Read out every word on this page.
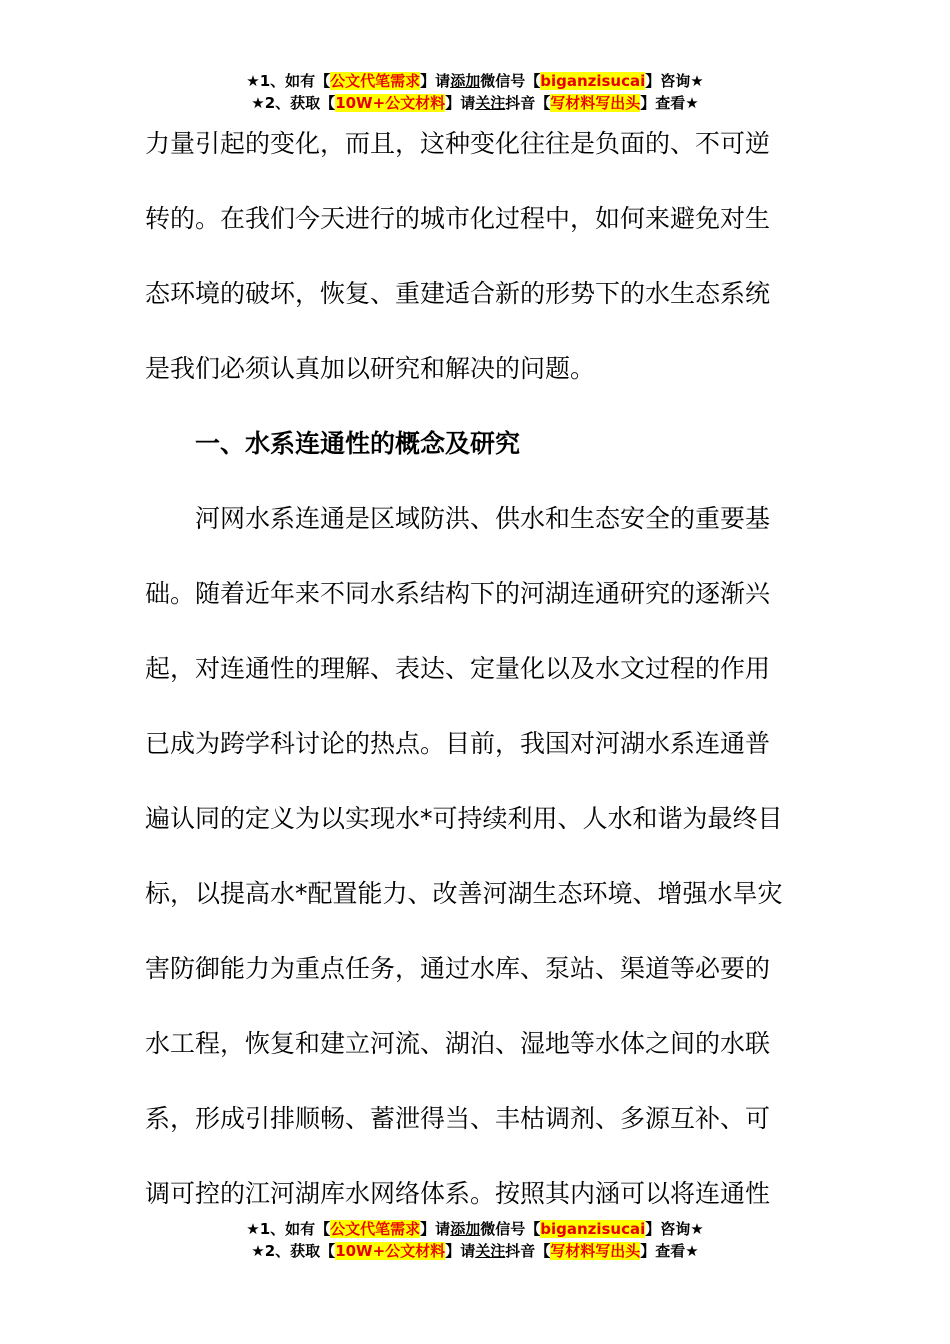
★1、如有【公文代笔需求】请添加微信号【biganzisucai】咨询★
★2、获取【10W+公文材料】请关注抖音【写材料写出头】查看★
力量引起的变化，而且，这种变化往往是负面的、不可逆
转的。在我们今天进行的城市化过程中，如何来避免对生
态环境的破坏，恢复、重建适合新的形势下的水生态系统
是我们必须认真加以研究和解决的问题。
一、水系连通性的概念及研究
河网水系连通是区域防洪、供水和生态安全的重要基
础。随着近年来不同水系结构下的河湖连通研究的逐渐兴
起，对连通性的理解、表达、定量化以及水文过程的作用
已成为跨学科讨论的热点。目前，我国对河湖水系连通普
遍认同的定义为以实现水*可持续利用、人水和谐为最终目
标，以提高水*配置能力、改善河湖生态环境、增强水旱灾
害防御能力为重点任务，通过水库、泵站、渠道等必要的
水工程，恢复和建立河流、湖泊、湿地等水体之间的水联
系，形成引排顺畅、蓄泄得当、丰枯调剂、多源互补、可
调可控的江河湖库水网络体系。按照其内涵可以将连通性
★1、如有【公文代笔需求】请添加微信号【biganzisucai】咨询★
★2、获取【10W+公文材料】请关注抖音【写材料写出头】查看★
